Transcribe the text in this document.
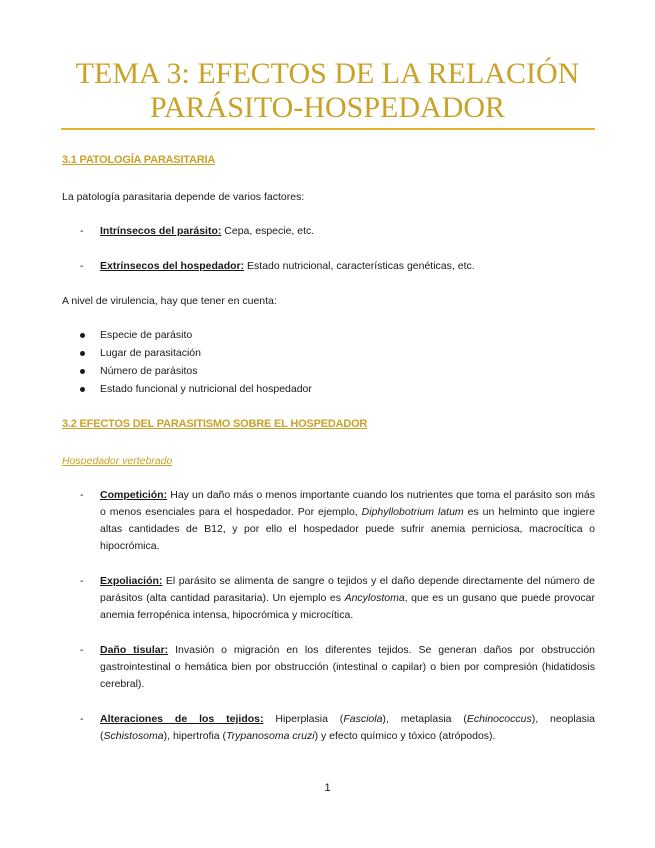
TEMA 3: EFECTOS DE LA RELACIÓN
PARÁSITO-HOSPEDADOR
3.1 PATOLOGÍA PARASITARIA
La patología parasitaria depende de varios factores:
- Intrínsecos del parásito: Cepa, especie, etc.
- Extrínsecos del hospedador: Estado nutricional, características genéticas, etc.
A nivel de virulencia, hay que tener en cuenta:
Especie de parásito
Lugar de parasitación
Número de parásitos
Estado funcional y nutricional del hospedador
3.2 EFECTOS DEL PARASITISMO SOBRE EL HOSPEDADOR
Hospedador vertebrado
- Competición: Hay un daño más o menos importante cuando los nutrientes que toma el parásito son más o menos esenciales para el hospedador. Por ejemplo, Diphyllobotrium latum es un helminto que ingiere altas cantidades de B12, y por ello el hospedador puede sufrir anemia perniciosa, macrocítica o hipocrómica.
- Expoliación: El parásito se alimenta de sangre o tejidos y el daño depende directamente del número de parásitos (alta cantidad parasitaria). Un ejemplo es Ancylostoma, que es un gusano que puede provocar anemia ferropénica intensa, hipocrómica y microcítica.
- Daño tisular: Invasión o migración en los diferentes tejidos. Se generan daños por obstrucción gastrointestinal o hemática bien por obstrucción (intestinal o capilar) o bien por compresión (hidatidosis cerebral).
- Alteraciones de los tejidos: Hiperplasia (Fasciola), metaplasia (Echinococcus), neoplasia (Schistosoma), hipertrofia (Trypanosoma cruzi) y efecto químico y tóxico (atrópodos).
1
